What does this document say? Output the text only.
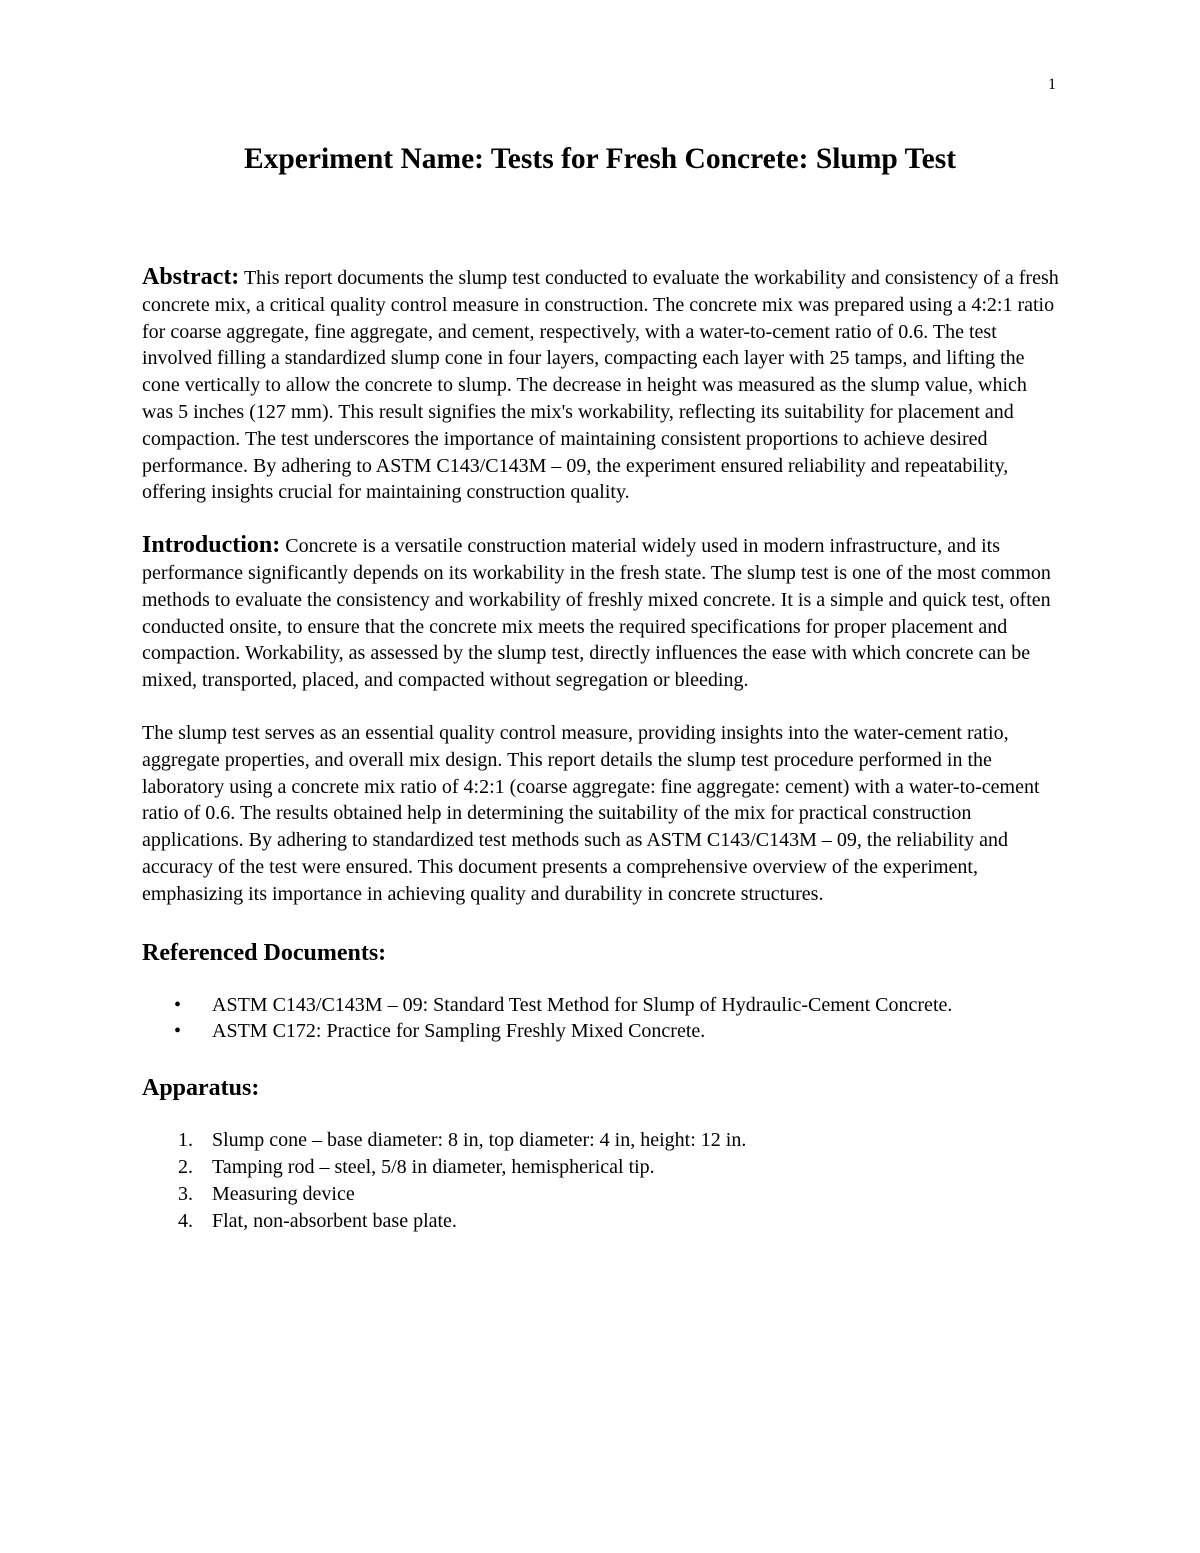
1
Experiment Name: Tests for Fresh Concrete: Slump Test

Abstract: This report documents the slump test conducted to evaluate the workability and consistency of a fresh concrete mix, a critical quality control measure in construction. The concrete mix was prepared using a 4:2:1 ratio for coarse aggregate, fine aggregate, and cement, respectively, with a water-to-cement ratio of 0.6. The test involved filling a standardized slump cone in four layers, compacting each layer with 25 tamps, and lifting the cone vertically to allow the concrete to slump. The decrease in height was measured as the slump value, which was 5 inches (127 mm). This result signifies the mix's workability, reflecting its suitability for placement and compaction. The test underscores the importance of maintaining consistent proportions to achieve desired performance. By adhering to ASTM C143/C143M – 09, the experiment ensured reliability and repeatability, offering insights crucial for maintaining construction quality.

Introduction: Concrete is a versatile construction material widely used in modern infrastructure, and its performance significantly depends on its workability in the fresh state. The slump test is one of the most common methods to evaluate the consistency and workability of freshly mixed concrete. It is a simple and quick test, often conducted onsite, to ensure that the concrete mix meets the required specifications for proper placement and compaction. Workability, as assessed by the slump test, directly influences the ease with which concrete can be mixed, transported, placed, and compacted without segregation or bleeding.

The slump test serves as an essential quality control measure, providing insights into the water-cement ratio, aggregate properties, and overall mix design. This report details the slump test procedure performed in the laboratory using a concrete mix ratio of 4:2:1 (coarse aggregate: fine aggregate: cement) with a water-to-cement ratio of 0.6. The results obtained help in determining the suitability of the mix for practical construction applications. By adhering to standardized test methods such as ASTM C143/C143M – 09, the reliability and accuracy of the test were ensured. This document presents a comprehensive overview of the experiment, emphasizing its importance in achieving quality and durability in concrete structures.

Referenced Documents:
• ASTM C143/C143M – 09: Standard Test Method for Slump of Hydraulic-Cement Concrete.
• ASTM C172: Practice for Sampling Freshly Mixed Concrete.
Apparatus:
1. Slump cone – base diameter: 8 in, top diameter: 4 in, height: 12 in.
2. Tamping rod – steel, 5/8 in diameter, hemispherical tip.
3. Measuring device
4. Flat, non-absorbent base plate.
